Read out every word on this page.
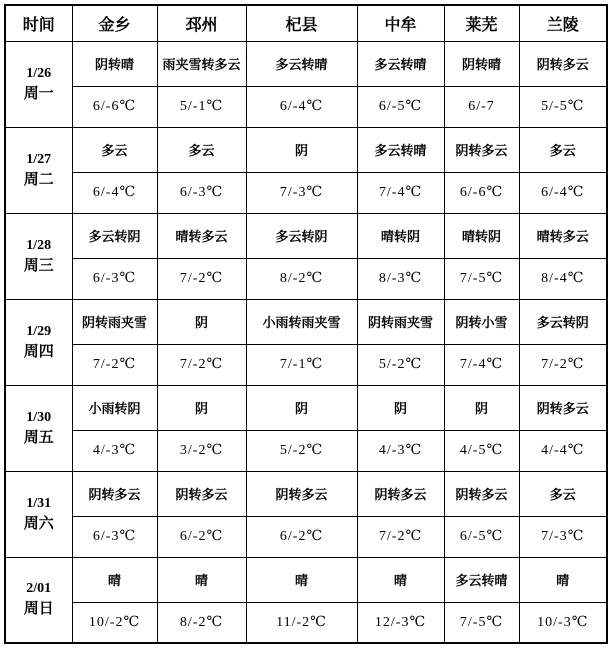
时间	金乡	邳州	杞县	中牟	莱芜	兰陵

1/26
周一	阴转晴	雨夹雪转多云	多云转晴	多云转晴	阴转晴	阴转多云
	6/-6℃	5/-1℃	6/-4℃	6/-5℃	6/-7	5/-5℃

1/27
周二	多云	多云	阴	多云转晴	阴转多云	多云
	6/-4℃	6/-3℃	7/-3℃	7/-4℃	6/-6℃	6/-4℃

1/28
周三	多云转阴	晴转多云	多云转阴	晴转阴	晴转阴	晴转多云
	6/-3℃	7/-2℃	8/-2℃	8/-3℃	7/-5℃	8/-4℃

1/29
周四	阴转雨夹雪	阴	小雨转雨夹雪	阴转雨夹雪	阴转小雪	多云转阴
	7/-2℃	7/-2℃	7/-1℃	5/-2℃	7/-4℃	7/-2℃

1/30
周五	小雨转阴	阴	阴	阴	阴	阴转多云
	4/-3℃	3/-2℃	5/-2℃	4/-3℃	4/-5℃	4/-4℃

1/31
周六	阴转多云	阴转多云	阴转多云	阴转多云	阴转多云	多云
	6/-3℃	6/-2℃	6/-2℃	7/-2℃	6/-5℃	7/-3℃

2/01
周日	晴	晴	晴	晴	多云转晴	晴
	10/-2℃	8/-2℃	11/-2℃	12/-3℃	7/-5℃	10/-3℃
